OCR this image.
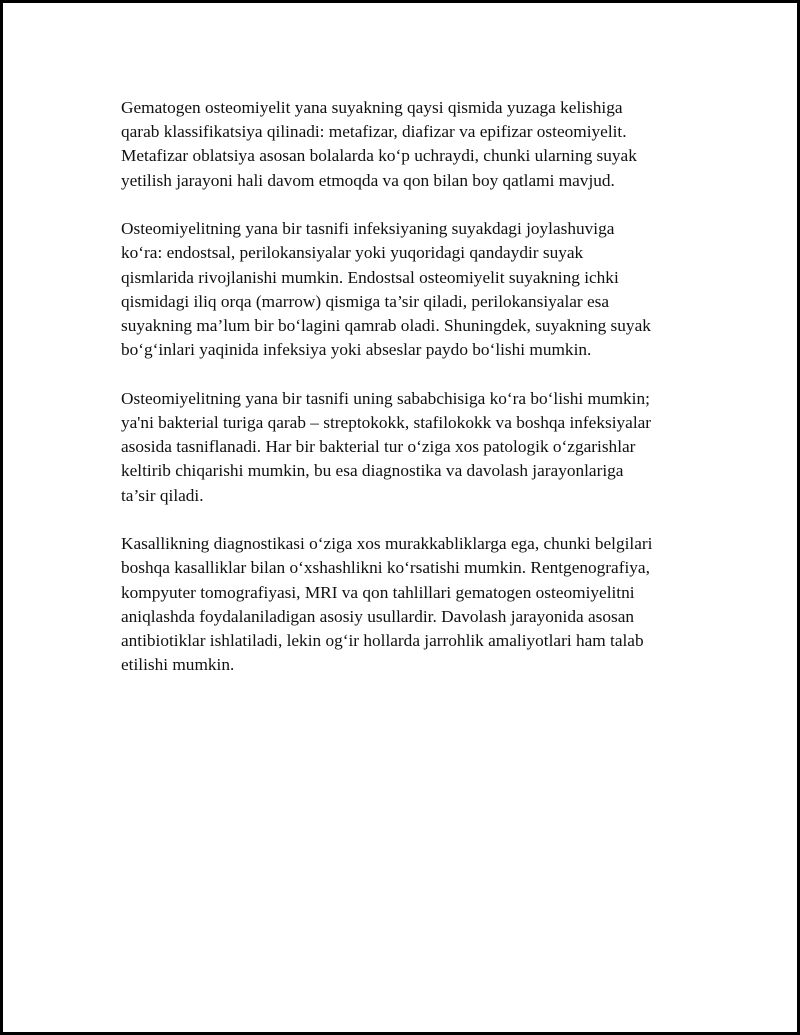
Gematogen osteomiyelit yana suyakning qaysi qismida yuzaga kelishiga
qarab klassifikatsiya qilinadi: metafizar, diafizar va epifizar osteomiyelit.
Metafizar oblatsiya asosan bolalarda ko‘p uchraydi, chunki ularning suyak
yetilish jarayoni hali davom etmoqda va qon bilan boy qatlami mavjud.

Osteomiyelitning yana bir tasnifi infeksiyaning suyakdagi joylashuviga
ko‘ra: endostsal, perilokansiyalar yoki yuqoridagi qandaydir suyak
qismlarida rivojlanishi mumkin. Endostsal osteomiyelit suyakning ichki
qismidagi iliq orqa (marrow) qismiga ta’sir qiladi, perilokansiyalar esa
suyakning ma’lum bir bo‘lagini qamrab oladi. Shuningdek, suyakning suyak
bo‘g‘inlari yaqinida infeksiya yoki abseslar paydo bo‘lishi mumkin.

Osteomiyelitning yana bir tasnifi uning sababchisiga ko‘ra bo‘lishi mumkin;
ya'ni bakterial turiga qarab – streptokokk, stafilokokk va boshqa infeksiyalar
asosida tasniflanadi. Har bir bakterial tur o‘ziga xos patologik o‘zgarishlar
keltirib chiqarishi mumkin, bu esa diagnostika va davolash jarayonlariga
ta’sir qiladi.

Kasallikning diagnostikasi o‘ziga xos murakkabliklarga ega, chunki belgilari
boshqa kasalliklar bilan o‘xshashlikni ko‘rsatishi mumkin. Rentgenografiya,
kompyuter tomografiyasi, MRI va qon tahlillari gematogen osteomiyelitni
aniqlashda foydalaniladigan asosiy usullardir. Davolash jarayonida asosan
antibiotiklar ishlatiladi, lekin og‘ir hollarda jarrohlik amaliyotlari ham talab
etilishi mumkin.
